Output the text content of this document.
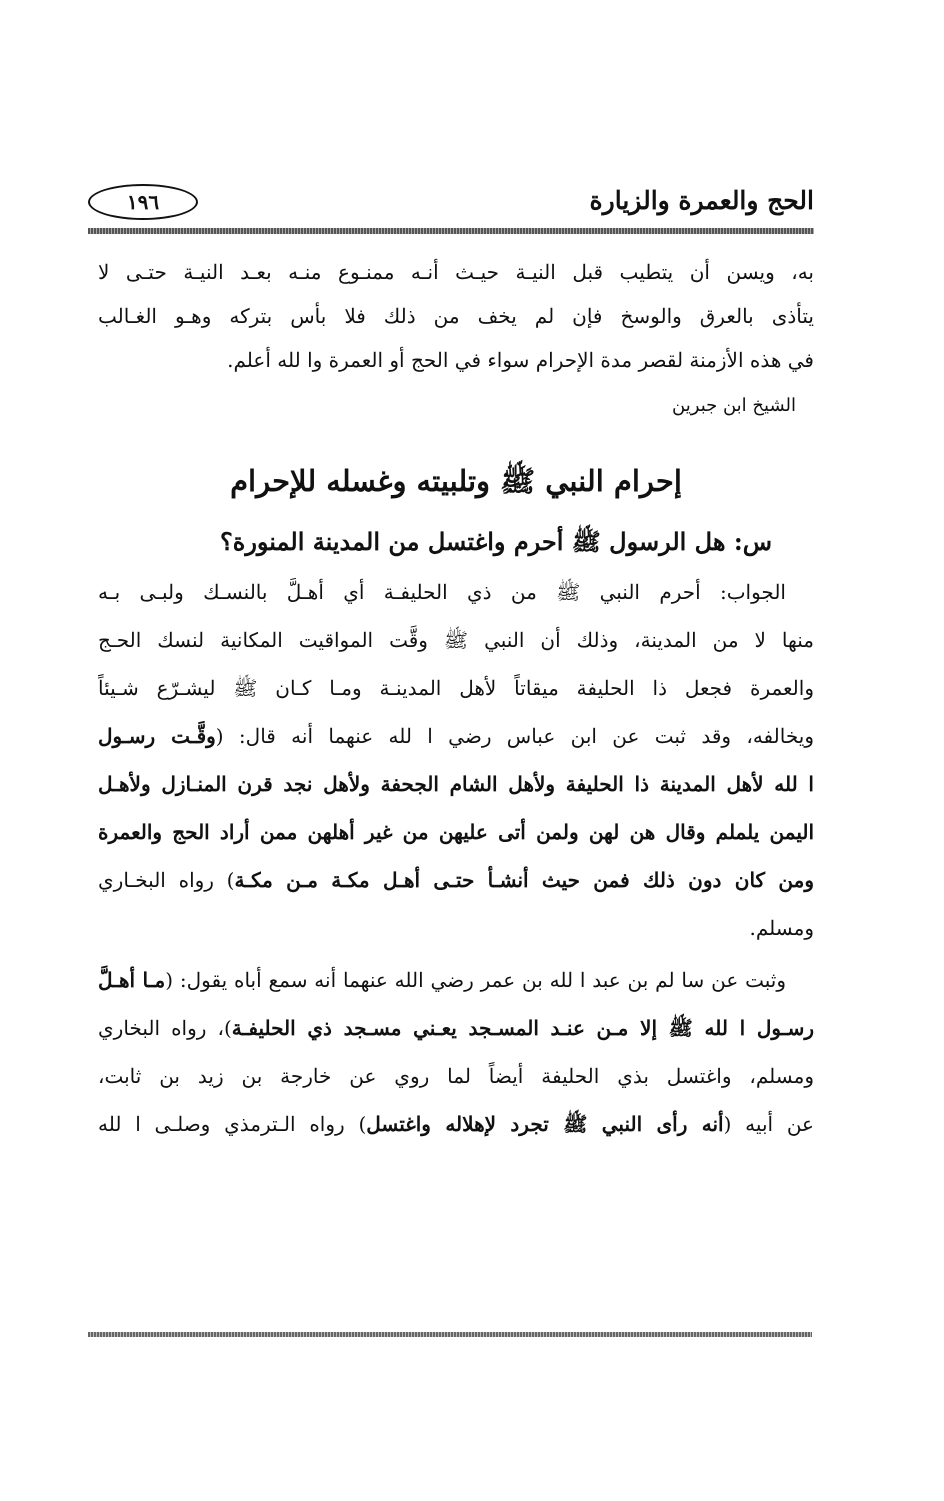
الحج والعمرة والزيارة
١٩٦
به، ويسن أن يتطيب قبل النيـة حيـث أنـه ممنـوع منـه بعـد النيـة حتـى لا
يتأذى بالعرق والوسخ فإن لم يخف من ذلك فلا بأس بتركه وهـو الغـالب
في هذه الأزمنة لقصر مدة الإحرام سواء في الحج أو العمرة وا لله أعلم.
الشيخ ابن جبرين
إحرام النبي ﷺ وتلبيته وغسله للإحرام
س: هل الرسول ﷺ أحرم واغتسل من المدينة المنورة؟
الجواب: أحرم النبي ﷺ من ذي الحليفـة أي أهـلَّ بالنسـك ولبـى بـه
منها لا من المدينة، وذلك أن النبي ﷺ وقَّت المواقيت المكانية لنسك الحـج
والعمرة فجعل ذا الحليفة ميقاتاً لأهل المدينـة ومـا كـان ﷺ ليشـرّع شـيئاً
ويخالفه، وقد ثبت عن ابن عباس رضي ا لله عنهما أنه قال: (وقَّـت رسـول
ا لله لأهل المدينة ذا الحليفة ولأهل الشام الجحفة ولأهل نجد قرن المنـازل ولأهـل
اليمن يلملم وقال هن لهن ولمن أتى عليهن من غير أهلهن ممن أراد الحج والعمرة
ومن كان دون ذلك فمن حيث أنشـأ حتـى أهـل مكـة مـن مكـة) رواه البخـاري
ومسلم.
وثبت عن سا لم بن عبد ا لله بن عمر رضي الله عنهما أنه سمع أباه يقول: (مـا أهـلَّ
رسـول ا لله ﷺ إلا مـن عنـد المسـجد يعـني مسـجد ذي الحليفـة)، رواه البخاري
ومسلم، واغتسل بذي الحليفة أيضاً لما روي عن خارجة بن زيد بن ثابت،
عن أبيه (أنه رأى النبي ﷺ تجرد لإهلاله واغتسل) رواه الـترمذي وصلـى ا لله
